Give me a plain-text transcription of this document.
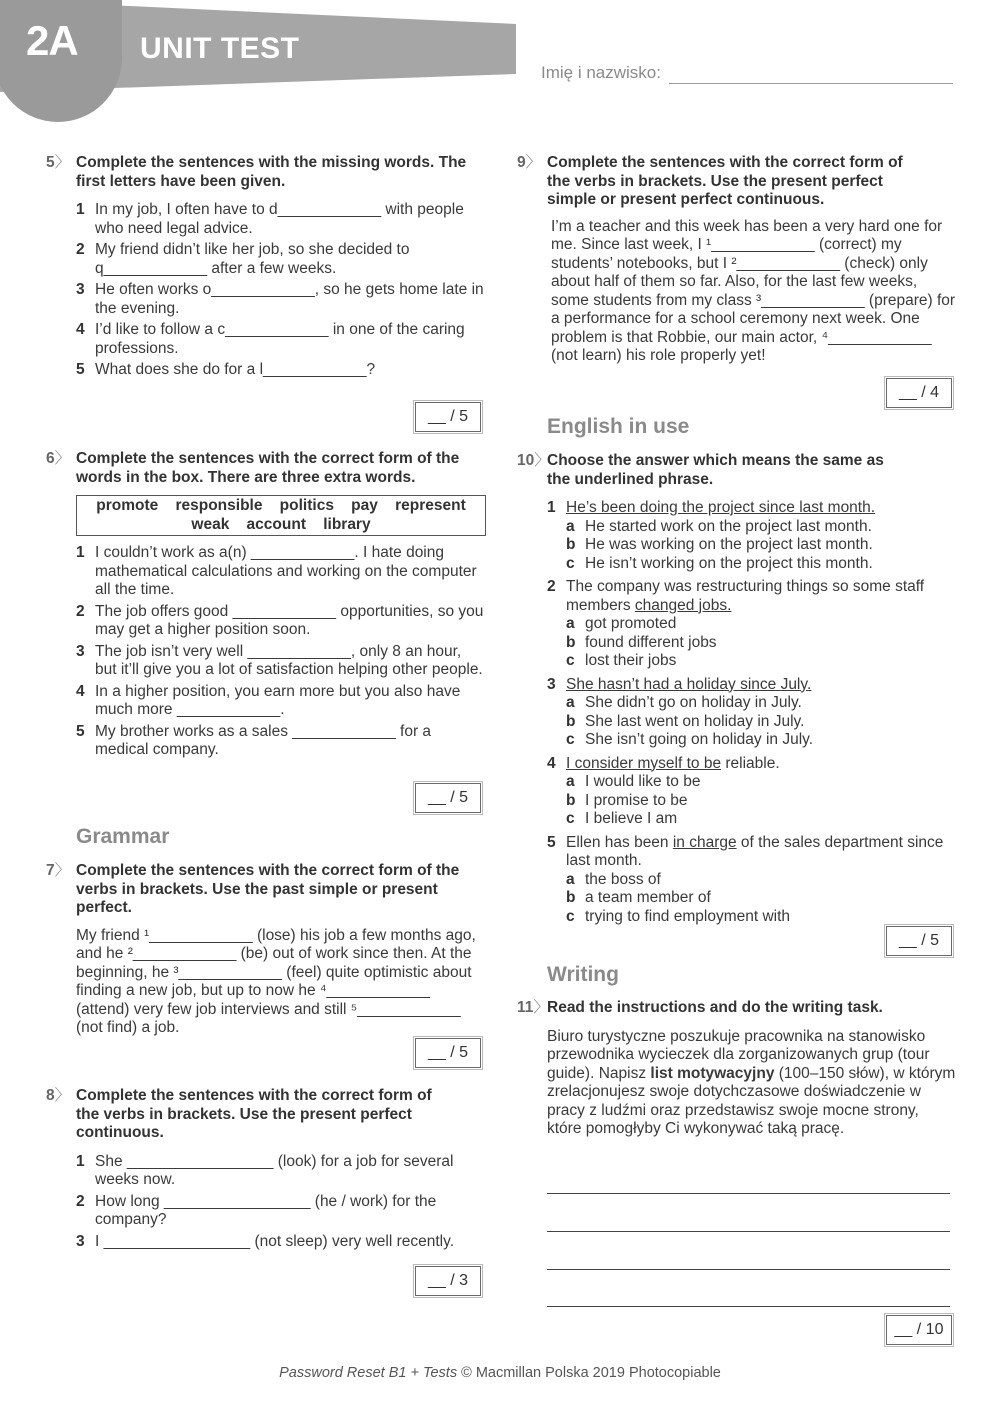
2A UNIT TEST
Imię i nazwisko:
5〉 Complete the sentences with the missing words. The first letters have been given.
1 In my job, I often have to d____________ with people who need legal advice.
2 My friend didn’t like her job, so she decided to q____________ after a few weeks.
3 He often works o____________, so he gets home late in the evening.
4 I’d like to follow a c____________ in one of the caring professions.
5 What does she do for a l____________?
__ / 5
6〉 Complete the sentences with the correct form of the words in the box. There are three extra words.
promote    responsible    politics    pay    represent
weak    account    library
1 I couldn’t work as a(n) ____________. I hate doing mathematical calculations and working on the computer all the time.
2 The job offers good ____________ opportunities, so you may get a higher position soon.
3 The job isn’t very well ____________, only 8 an hour, but it’ll give you a lot of satisfaction helping other people.
4 In a higher position, you earn more but you also have much more ____________.
5 My brother works as a sales ____________ for a medical company.
__ / 5
Grammar
7〉 Complete the sentences with the correct form of the verbs in brackets. Use the past simple or present perfect.
My friend ¹____________ (lose) his job a few months ago, and he ²____________ (be) out of work since then. At the beginning, he ³____________ (feel) quite optimistic about finding a new job, but up to now he ⁴____________ (attend) very few job interviews and still ⁵____________ (not find) a job.
__ / 5
8〉 Complete the sentences with the correct form of the verbs in brackets. Use the present perfect continuous.
1 She _________________ (look) for a job for several weeks now.
2 How long _________________ (he / work) for the company?
3 I _________________ (not sleep) very well recently.
__ / 3
9〉 Complete the sentences with the correct form of the verbs in brackets. Use the present perfect simple or present perfect continuous.
I’m a teacher and this week has been a very hard one for me. Since last week, I ¹____________ (correct) my students’ notebooks, but I ²____________ (check) only about half of them so far. Also, for the last few weeks, some students from my class ³____________ (prepare) for a performance for a school ceremony next week. One problem is that Robbie, our main actor, ⁴____________ (not learn) his role properly yet!
__ / 4
English in use
10〉
Choose the answer which means the same as the underlined phrase.
1 He’s been doing the project since last month.
a He started work on the project last month.
b He was working on the project last month.
c He isn’t working on the project this month.
2 The company was restructuring things so some staff members changed jobs.
a got promoted
b found different jobs
c lost their jobs
3 She hasn’t had a holiday since July.
a She didn’t go on holiday in July.
b She last went on holiday in July.
c She isn’t going on holiday in July.
4 I consider myself to be reliable.
a I would like to be
b I promise to be
c I believe I am
5 Ellen has been in charge of the sales department since last month.
a the boss of
b a team member of
c trying to find employment with
__ / 5
Writing
11〉
Read the instructions and do the writing task.
Biuro turystyczne poszukuje pracownika na stanowisko przewodnika wycieczek dla zorganizowanych grup (tour guide). Napisz list motywacyjny (100–150 słów), w którym zrelacjonujesz swoje dotychczasowe doświadczenie w pracy z ludźmi oraz przedstawisz swoje mocne strony, które pomogłyby Ci wykonywać taką pracę.
__ / 10
Password Reset B1 + Tests © Macmillan Polska 2019 Photocopiable
